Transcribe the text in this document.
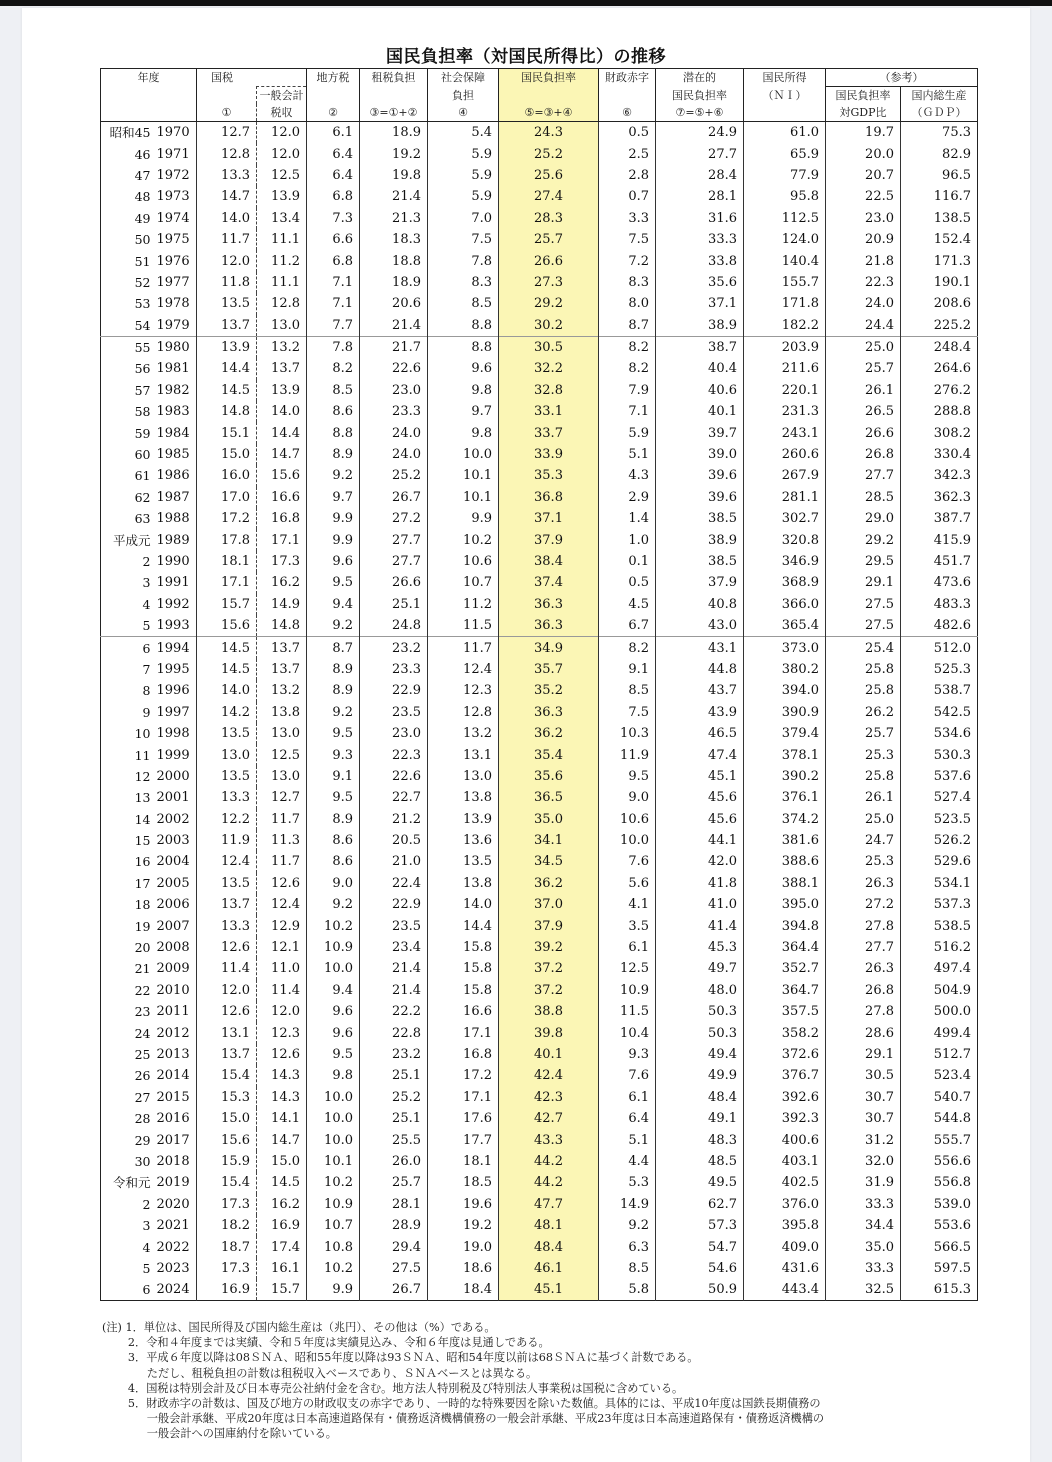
国民負担率（対国民所得比）の推移
年度		国税		地方税	租税負担	社会保障	国民負担率	財政赤字	潜在的	国民所得	（参考）	
			一般会計			負担			国民負担率	（ＮＩ）	国民負担率	国内総生産
		①	税収	②	③=①+②	④	⑤=③+④	⑥	⑦=⑤+⑥		対GDP比	（ＧＤＰ）
昭和45	1970	12.7	12.0	6.1	18.9	5.4	24.3	0.5	24.9	61.0	19.7	75.3
46	1971	12.8	12.0	6.4	19.2	5.9	25.2	2.5	27.7	65.9	20.0	82.9
47	1972	13.3	12.5	6.4	19.8	5.9	25.6	2.8	28.4	77.9	20.7	96.5
48	1973	14.7	13.9	6.8	21.4	5.9	27.4	0.7	28.1	95.8	22.5	116.7
49	1974	14.0	13.4	7.3	21.3	7.0	28.3	3.3	31.6	112.5	23.0	138.5
50	1975	11.7	11.1	6.6	18.3	7.5	25.7	7.5	33.3	124.0	20.9	152.4
51	1976	12.0	11.2	6.8	18.8	7.8	26.6	7.2	33.8	140.4	21.8	171.3
52	1977	11.8	11.1	7.1	18.9	8.3	27.3	8.3	35.6	155.7	22.3	190.1
53	1978	13.5	12.8	7.1	20.6	8.5	29.2	8.0	37.1	171.8	24.0	208.6
54	1979	13.7	13.0	7.7	21.4	8.8	30.2	8.7	38.9	182.2	24.4	225.2
55	1980	13.9	13.2	7.8	21.7	8.8	30.5	8.2	38.7	203.9	25.0	248.4
56	1981	14.4	13.7	8.2	22.6	9.6	32.2	8.2	40.4	211.6	25.7	264.6
57	1982	14.5	13.9	8.5	23.0	9.8	32.8	7.9	40.6	220.1	26.1	276.2
58	1983	14.8	14.0	8.6	23.3	9.7	33.1	7.1	40.1	231.3	26.5	288.8
59	1984	15.1	14.4	8.8	24.0	9.8	33.7	5.9	39.7	243.1	26.6	308.2
60	1985	15.0	14.7	8.9	24.0	10.0	33.9	5.1	39.0	260.6	26.8	330.4
61	1986	16.0	15.6	9.2	25.2	10.1	35.3	4.3	39.6	267.9	27.7	342.3
62	1987	17.0	16.6	9.7	26.7	10.1	36.8	2.9	39.6	281.1	28.5	362.3
63	1988	17.2	16.8	9.9	27.2	9.9	37.1	1.4	38.5	302.7	29.0	387.7
平成元	1989	17.8	17.1	9.9	27.7	10.2	37.9	1.0	38.9	320.8	29.2	415.9
2	1990	18.1	17.3	9.6	27.7	10.6	38.4	0.1	38.5	346.9	29.5	451.7
3	1991	17.1	16.2	9.5	26.6	10.7	37.4	0.5	37.9	368.9	29.1	473.6
4	1992	15.7	14.9	9.4	25.1	11.2	36.3	4.5	40.8	366.0	27.5	483.3
5	1993	15.6	14.8	9.2	24.8	11.5	36.3	6.7	43.0	365.4	27.5	482.6
6	1994	14.5	13.7	8.7	23.2	11.7	34.9	8.2	43.1	373.0	25.4	512.0
7	1995	14.5	13.7	8.9	23.3	12.4	35.7	9.1	44.8	380.2	25.8	525.3
8	1996	14.0	13.2	8.9	22.9	12.3	35.2	8.5	43.7	394.0	25.8	538.7
9	1997	14.2	13.8	9.2	23.5	12.8	36.3	7.5	43.9	390.9	26.2	542.5
10	1998	13.5	13.0	9.5	23.0	13.2	36.2	10.3	46.5	379.4	25.7	534.6
11	1999	13.0	12.5	9.3	22.3	13.1	35.4	11.9	47.4	378.1	25.3	530.3
12	2000	13.5	13.0	9.1	22.6	13.0	35.6	9.5	45.1	390.2	25.8	537.6
13	2001	13.3	12.7	9.5	22.7	13.8	36.5	9.0	45.6	376.1	26.1	527.4
14	2002	12.2	11.7	8.9	21.2	13.9	35.0	10.6	45.6	374.2	25.0	523.5
15	2003	11.9	11.3	8.6	20.5	13.6	34.1	10.0	44.1	381.6	24.7	526.2
16	2004	12.4	11.7	8.6	21.0	13.5	34.5	7.6	42.0	388.6	25.3	529.6
17	2005	13.5	12.6	9.0	22.4	13.8	36.2	5.6	41.8	388.1	26.3	534.1
18	2006	13.7	12.4	9.2	22.9	14.0	37.0	4.1	41.0	395.0	27.2	537.3
19	2007	13.3	12.9	10.2	23.5	14.4	37.9	3.5	41.4	394.8	27.8	538.5
20	2008	12.6	12.1	10.9	23.4	15.8	39.2	6.1	45.3	364.4	27.7	516.2
21	2009	11.4	11.0	10.0	21.4	15.8	37.2	12.5	49.7	352.7	26.3	497.4
22	2010	12.0	11.4	9.4	21.4	15.8	37.2	10.9	48.0	364.7	26.8	504.9
23	2011	12.6	12.0	9.6	22.2	16.6	38.8	11.5	50.3	357.5	27.8	500.0
24	2012	13.1	12.3	9.6	22.8	17.1	39.8	10.4	50.3	358.2	28.6	499.4
25	2013	13.7	12.6	9.5	23.2	16.8	40.1	9.3	49.4	372.6	29.1	512.7
26	2014	15.4	14.3	9.8	25.1	17.2	42.4	7.6	49.9	376.7	30.5	523.4
27	2015	15.3	14.3	10.0	25.2	17.1	42.3	6.1	48.4	392.6	30.7	540.7
28	2016	15.0	14.1	10.0	25.1	17.6	42.7	6.4	49.1	392.3	30.7	544.8
29	2017	15.6	14.7	10.0	25.5	17.7	43.3	5.1	48.3	400.6	31.2	555.7
30	2018	15.9	15.0	10.1	26.0	18.1	44.2	4.4	48.5	403.1	32.0	556.6
令和元	2019	15.4	14.5	10.2	25.7	18.5	44.2	5.3	49.5	402.5	31.9	556.8
2	2020	17.3	16.2	10.9	28.1	19.6	47.7	14.9	62.7	376.0	33.3	539.0
3	2021	18.2	16.9	10.7	28.9	19.2	48.1	9.2	57.3	395.8	34.4	553.6
4	2022	18.7	17.4	10.8	29.4	19.0	48.4	6.3	54.7	409.0	35.0	566.5
5	2023	17.3	16.1	10.2	27.5	18.6	46.1	8.5	54.6	431.6	33.3	597.5
6	2024	16.9	15.7	9.9	26.7	18.4	45.1	5.8	50.9	443.4	32.5	615.3
(注) 1．単位は、国民所得及び国内総生産は（兆円）、その他は（%）である。
　　 2．令和４年度までは実績、令和５年度は実績見込み、令和６年度は見通しである。
　　 3．平成６年度以降は08ＳＮＡ、昭和55年度以降は93ＳＮＡ、昭和54年度以前は68ＳＮＡに基づく計数である。
　　　　ただし、租税負担の計数は租税収入ベースであり、ＳＮＡベースとは異なる。
　　 4．国税は特別会計及び日本専売公社納付金を含む。地方法人特別税及び特別法人事業税は国税に含めている。
　　 5．財政赤字の計数は、国及び地方の財政収支の赤字であり、一時的な特殊要因を除いた数値。具体的には、平成10年度は国鉄長期債務の
　　　　一般会計承継、平成20年度は日本高速道路保有・債務返済機構債務の一般会計承継、平成23年度は日本高速道路保有・債務返済機構の
　　　　一般会計への国庫納付を除いている。
